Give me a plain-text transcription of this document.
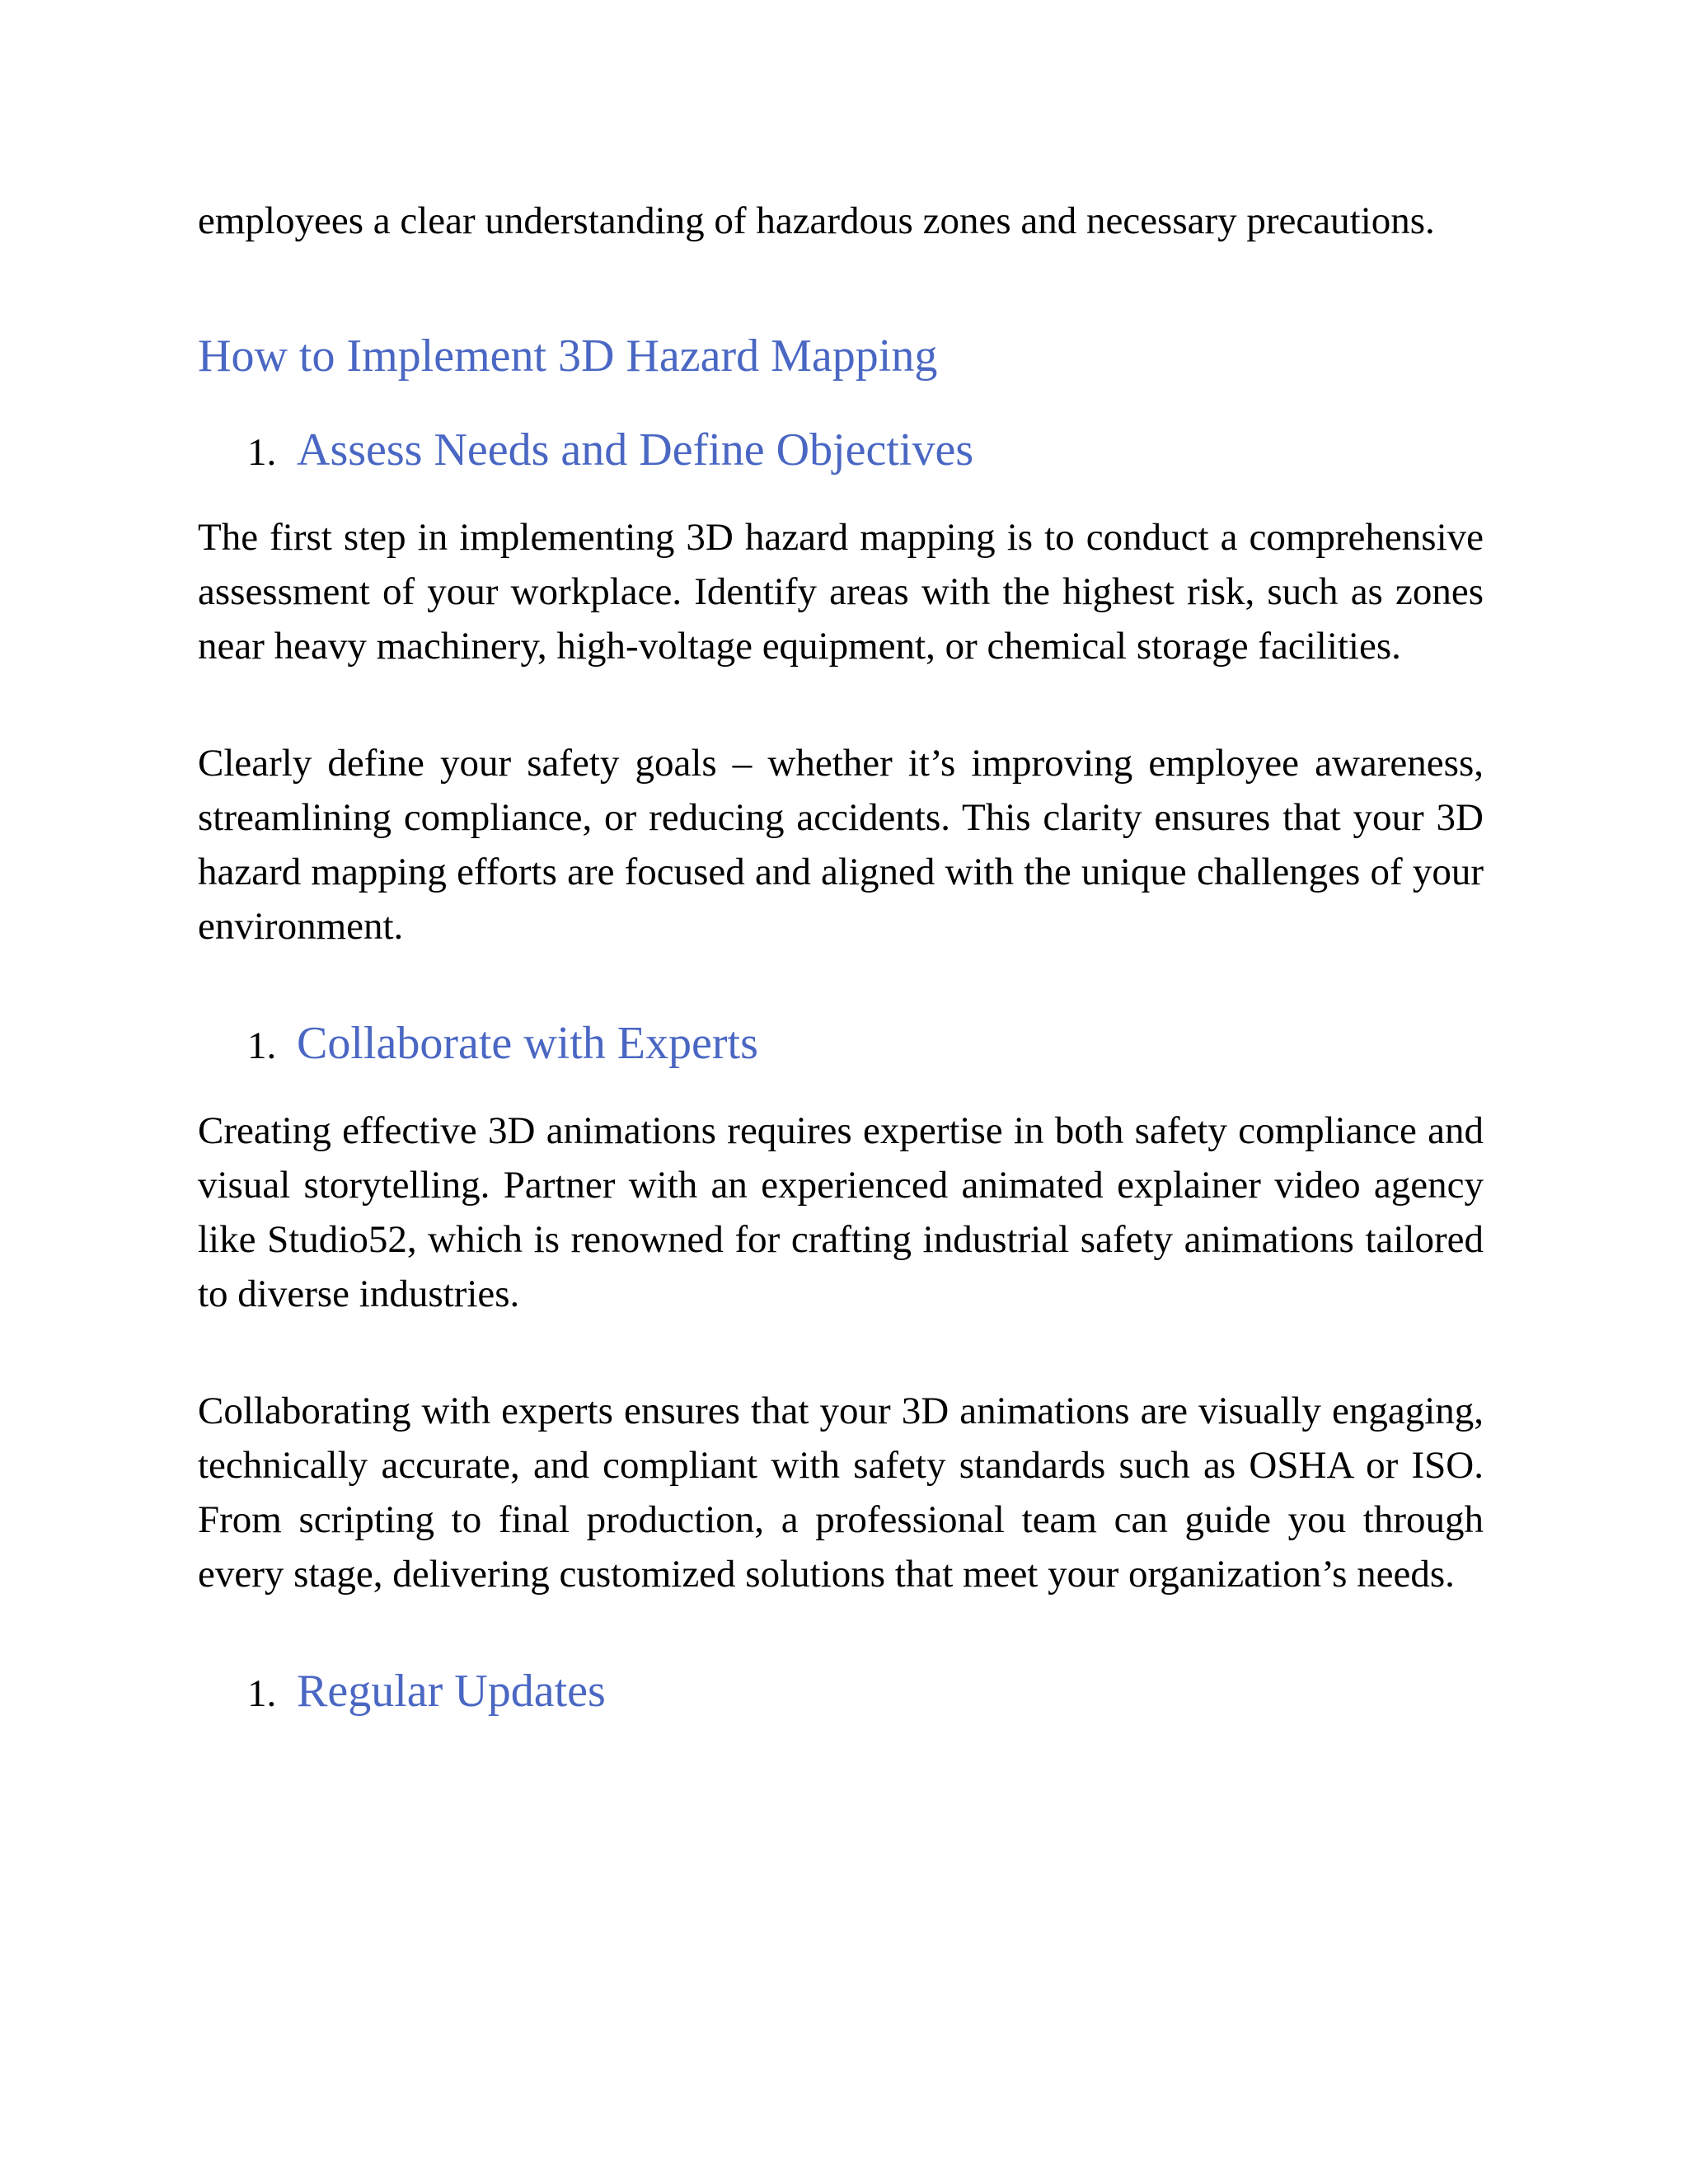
employees a clear understanding of hazardous zones and necessary precautions.

How to Implement 3D Hazard Mapping
1. Assess Needs and Define Objectives

The first step in implementing 3D hazard mapping is to conduct a comprehensive assessment of your workplace. Identify areas with the highest risk, such as zones near heavy machinery, high-voltage equipment, or chemical storage facilities.

Clearly define your safety goals – whether it’s improving employee awareness, streamlining compliance, or reducing accidents. This clarity ensures that your 3D hazard mapping efforts are focused and aligned with the unique challenges of your environment.

1. Collaborate with Experts

Creating effective 3D animations requires expertise in both safety compliance and visual storytelling. Partner with an experienced animated explainer video agency like Studio52, which is renowned for crafting industrial safety animations tailored to diverse industries.

Collaborating with experts ensures that your 3D animations are visually engaging, technically accurate, and compliant with safety standards such as OSHA or ISO. From scripting to final production, a professional team can guide you through every stage, delivering customized solutions that meet your organization’s needs.

1. Regular Updates
